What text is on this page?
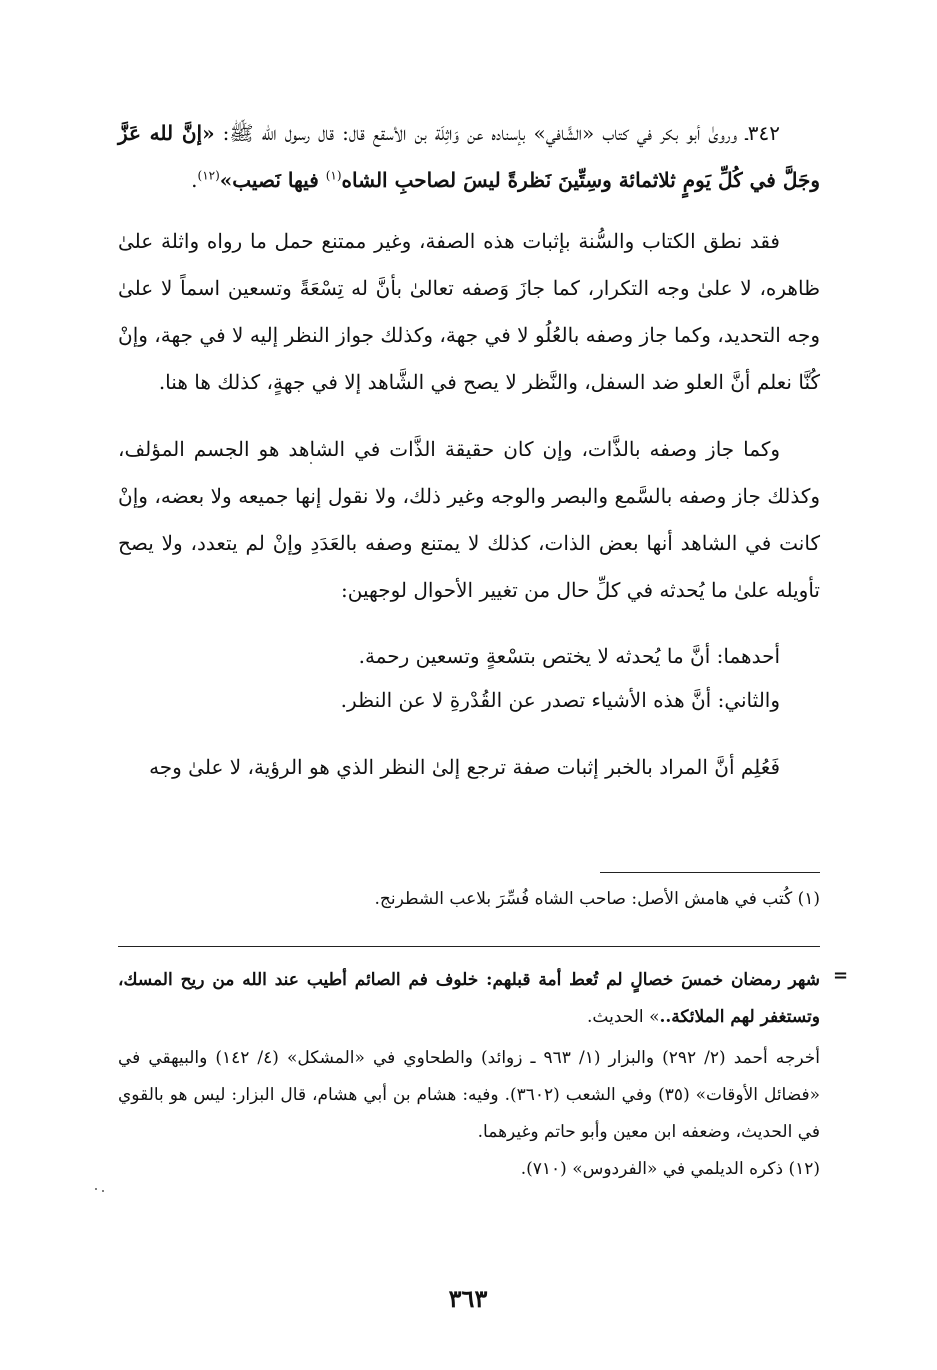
٣٤٢ـ وروىٰ أبو بكر في كتاب «الشَّافي» بإسناده عن وَاثِلَة بن الأسقع قال: قال رسول الله ﷺ: «إنَّ لله عَزَّ وجَلَّ في كُلِّ يَومٍ ثلاثمائة وسِتِّينَ نَظرةً ليسَ لصاحبِ الشاه$^{(١)}$ فيها نَصيب»$^{(١٢)}$.

فقد نطق الكتاب والسُّنة بإثبات هذه الصفة، وغير ممتنع حمل ما رواه واثلة علىٰ ظاهره، لا علىٰ وجه التكرار، كما جازَ وَصفه تعالىٰ بأنَّ له تِسْعَةً وتسعين اسماً لا علىٰ وجه التحديد، وكما جاز وصفه بالعُلُو لا في جهة، وكذلك جواز النظر إليه لا في جهة، وإنْ كُنَّا نعلم أنَّ العلو ضد السفل، والنَّظر لا يصح في الشَّاهد إلا في جهةٍ، كذلك ها هنا.

وكما جاز وصفه بالذَّات، وإن كان حقيقة الذَّات في الشاهد هو الجسم المؤلف، وكذلك جاز وصفه بالسَّمع والبصر والوجه وغير ذلك، ولا نقول إنها جميعه ولا بعضه، وإنْ كانت في الشاهد أنها بعض الذات، كذلك لا يمتنع وصفه بالعَدَدِ وإنْ لم يتعدد، ولا يصح تأويله علىٰ ما يُحدثه في كلِّ حال من تغيير الأحوال لوجهين:

أحدهما: أنَّ ما يُحدثه لا يختص بتسْعةٍ وتسعين رحمة.
والثاني: أنَّ هذه الأشياء تصدر عن القُدْرةِ لا عن النظر.

فَعُلِم أنَّ المراد بالخبر إثبات صفة ترجع إلىٰ النظر الذي هو الرؤية، لا علىٰ وجه

(١) كُتب في هامش الأصل: صاحب الشاه فُسِّرَ بلاعب الشطرنج.
=

شهر رمضان خمسَ خصالٍ لم تُعط أمة قبلهم: خلوف فم الصائم أطيب عند الله من ريح المسك، وتستغفر لهم الملائكة..» الحديث.

أخرجه أحمد (٢/ ٢٩٢) والبزار (١/ ٩٦٣ ـ زوائد) والطحاوي في «المشكل» (٤/ ١٤٢) والبيهقي في «فضائل الأوقات» (٣٥) وفي الشعب (٣٦٠٢). وفيه: هشام بن أبي هشام، قال البزار: ليس هو بالقوي في الحديث، وضعفه ابن معين وأبو حاتم وغيرهما.

(١٢) ذكره الديلمي في «الفردوس» (٧١٠).

٣٦٣
